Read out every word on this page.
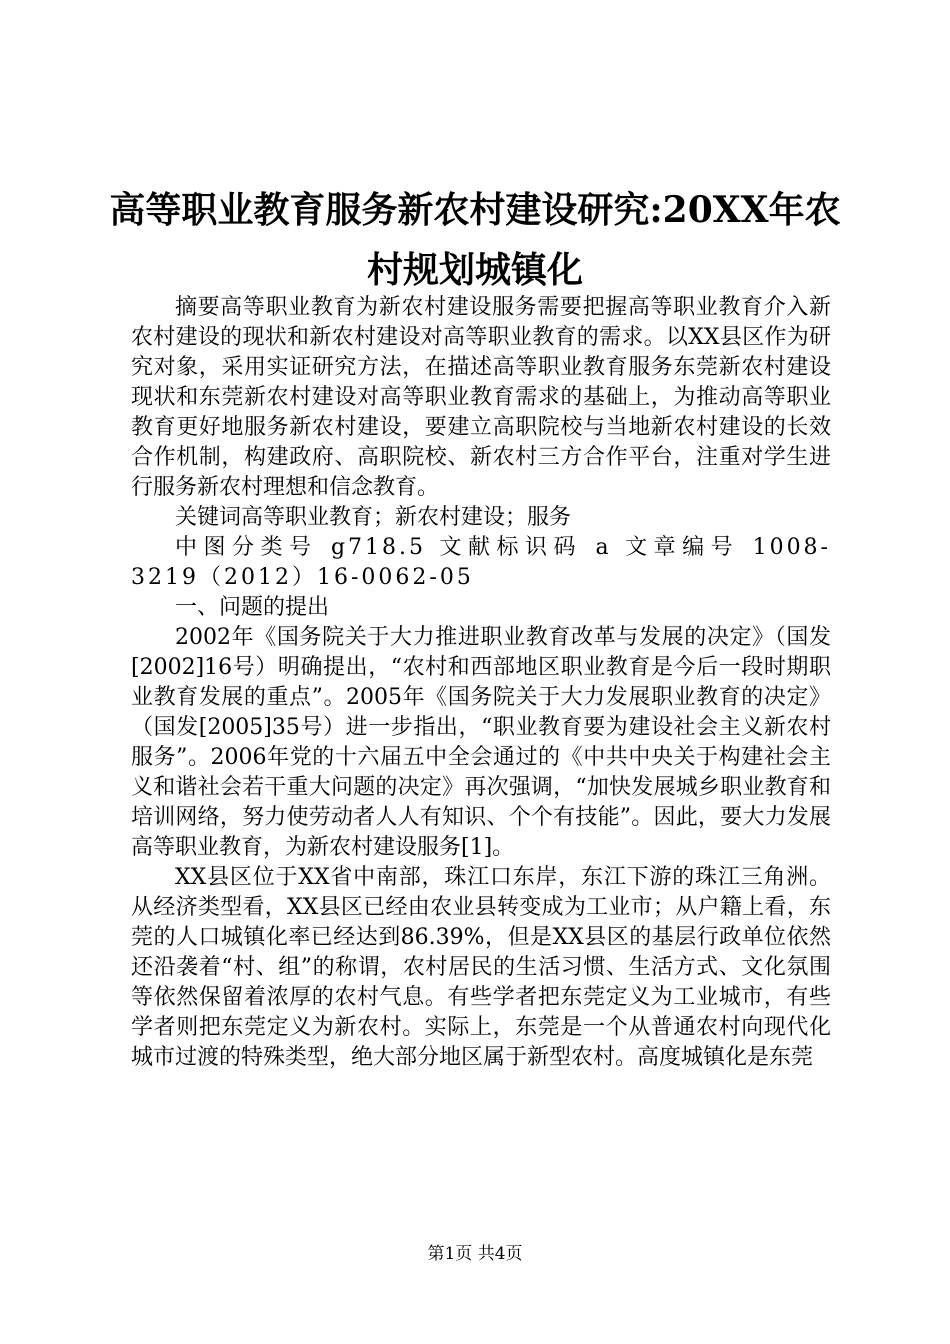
高等职业教育服务新农村建设研究:20XX年农
村规划城镇化

摘要高等职业教育为新农村建设服务需要把握高等职业教育介入新农村建设的现状和新农村建设对高等职业教育的需求。以XX县区作为研究对象，采用实证研究方法，在描述高等职业教育服务东莞新农村建设现状和东莞新农村建设对高等职业教育需求的基础上，为推动高等职业教育更好地服务新农村建设，要建立高职院校与当地新农村建设的长效合作机制，构建政府、高职院校、新农村三方合作平台，注重对学生进行服务新农村理想和信念教育。

关键词高等职业教育；新农村建设；服务

中图分类号 g718.5 文献标识码 a 文章编号 1008-3219（2012）16-0062-05

一、问题的提出

2002年《国务院关于大力推进职业教育改革与发展的决定》（国发[2002]16号）明确提出，“农村和西部地区职业教育是今后一段时期职业教育发展的重点”。2005年《国务院关于大力发展职业教育的决定》（国发[2005]35号）进一步指出，“职业教育要为建设社会主义新农村服务”。2006年党的十六届五中全会通过的《中共中央关于构建社会主义和谐社会若干重大问题的决定》再次强调，“加快发展城乡职业教育和培训网络，努力使劳动者人人有知识、个个有技能”。因此，要大力发展高等职业教育，为新农村建设服务[1]。

XX县区位于XX省中南部，珠江口东岸，东江下游的珠江三角洲。从经济类型看，XX县区已经由农业县转变成为工业市；从户籍上看，东莞的人口城镇化率已经达到86.39%，但是XX县区的基层行政单位依然还沿袭着“村、组”的称谓，农村居民的生活习惯、生活方式、文化氛围等依然保留着浓厚的农村气息。有些学者把东莞定义为工业城市，有些学者则把东莞定义为新农村。实际上，东莞是一个从普通农村向现代化城市过渡的特殊类型，绝大部分地区属于新型农村。高度城镇化是东莞

第1页 共4页
